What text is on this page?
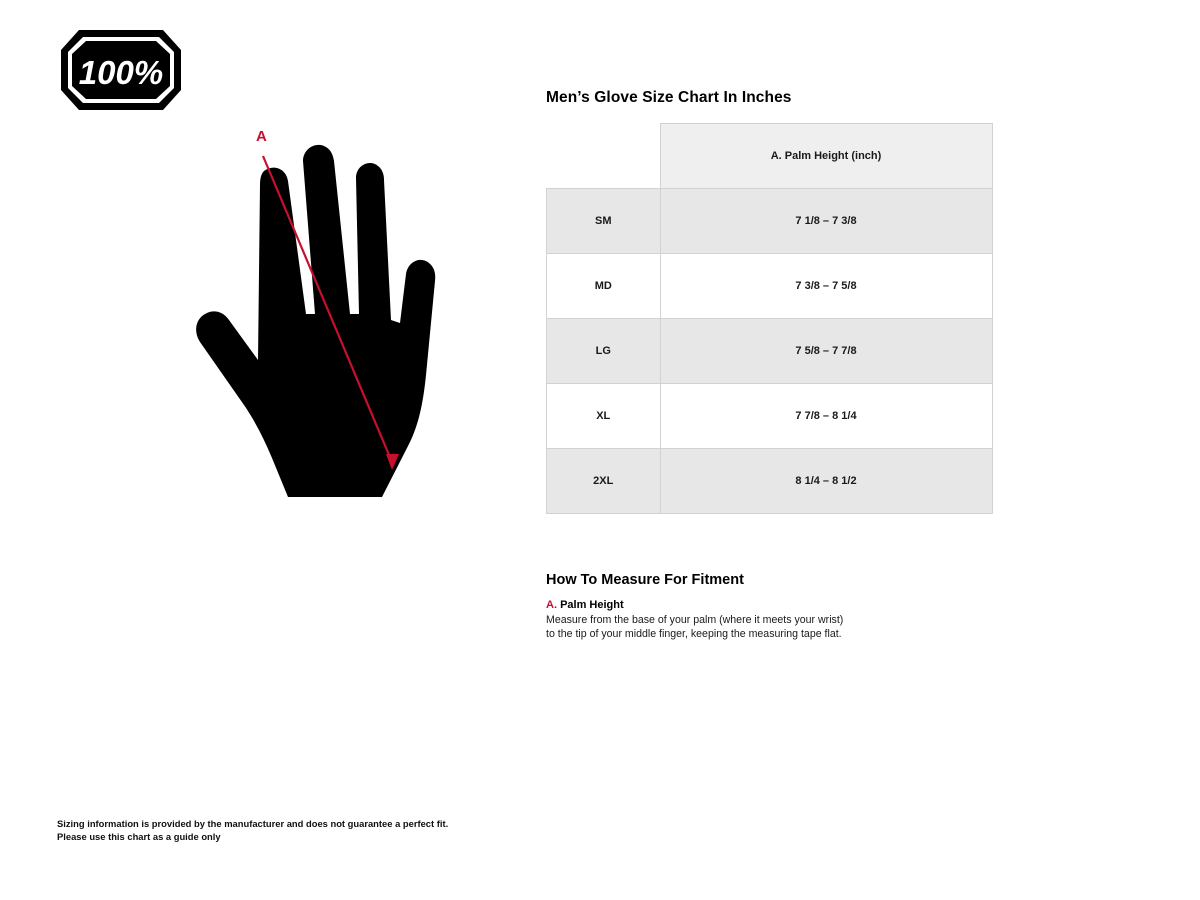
100%
A
Men’s Glove Size Chart In Inches
	A. Palm Height (inch)
SM	7 1/8 – 7 3/8
MD	7 3/8 – 7 5/8
LG	7 5/8 – 7 7/8
XL	7 7/8 – 8 1/4
2XL	8 1/4 – 8 1/2
How To Measure For Fitment
A. Palm Height
Measure from the base of your palm (where it meets your wrist) to the tip of your middle finger, keeping the measuring tape flat.
Sizing information is provided by the manufacturer and does not guarantee a perfect fit.
Please use this chart as a guide only
